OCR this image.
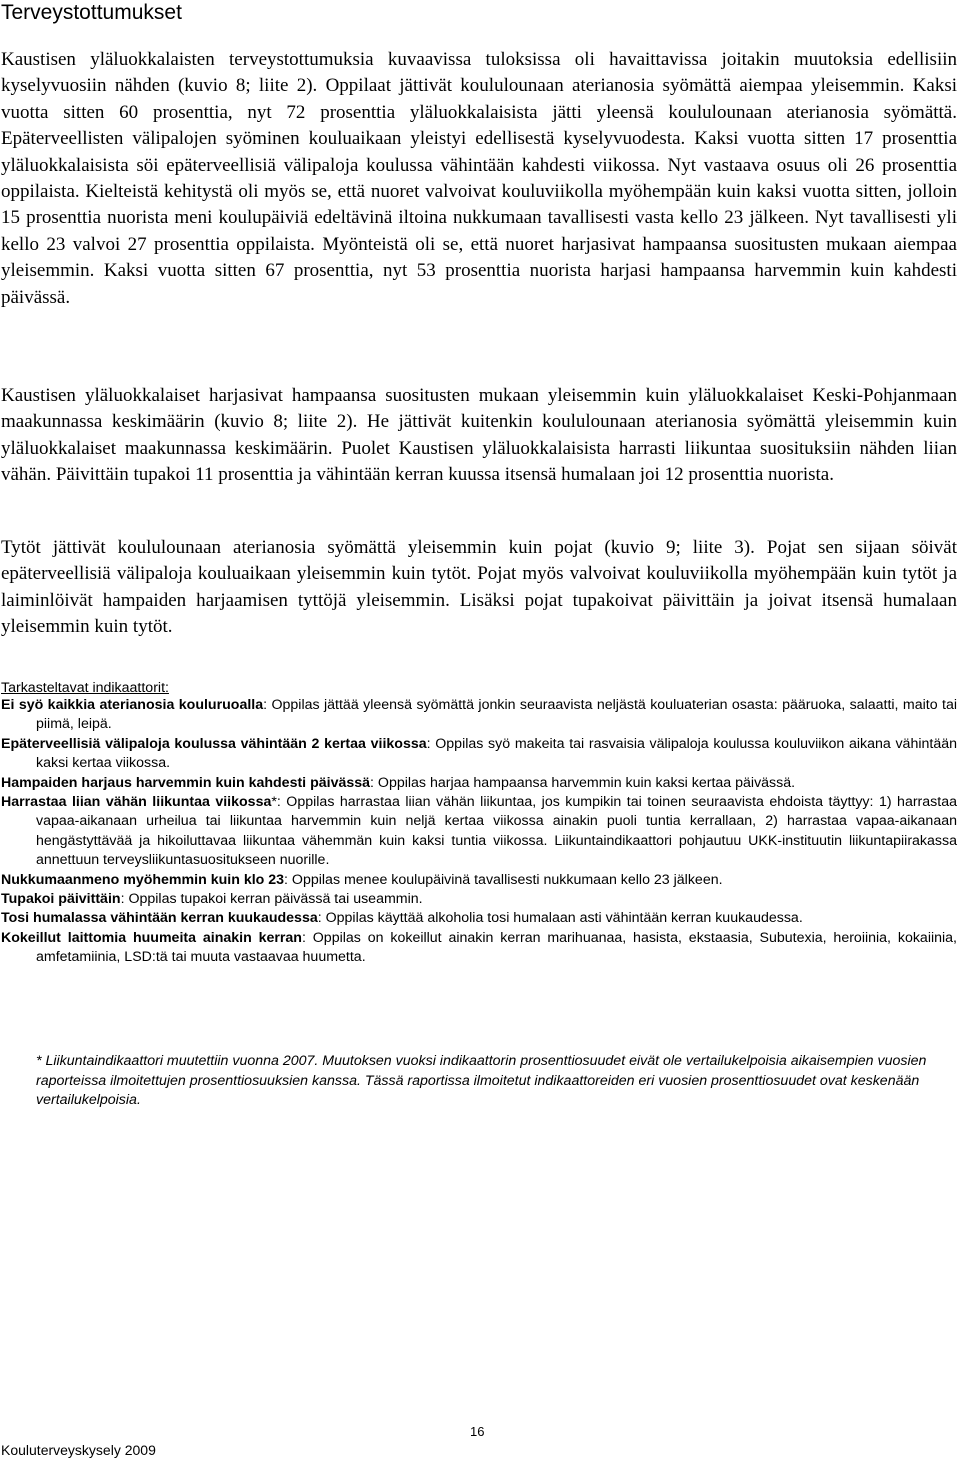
Terveystottumukset

Kaustisen yläluokkalaisten terveystottumuksia kuvaavissa tuloksissa oli havaittavissa joitakin muutoksia edellisiin kyselyvuosiin nähden (kuvio 8; liite 2). Oppilaat jättivät koululounaan aterianosia syömättä aiempaa yleisemmin. Kaksi vuotta sitten 60 prosenttia, nyt 72 prosenttia yläluokkalaisista jätti yleensä koululounaan aterianosia syömättä. Epäterveellisten välipalojen syöminen kouluaikaan yleistyi edellisestä kyselyvuodesta. Kaksi vuotta sitten 17 prosenttia yläluokkalaisista söi epäterveellisiä välipaloja koulussa vähintään kahdesti viikossa. Nyt vastaava osuus oli 26 prosenttia oppilaista. Kielteistä kehitystä oli myös se, että nuoret valvoivat kouluviikolla myöhempään kuin kaksi vuotta sitten, jolloin 15 prosenttia nuorista meni koulupäiviä edeltävinä iltoina nukkumaan tavallisesti vasta kello 23 jälkeen. Nyt tavallisesti yli kello 23 valvoi 27 prosenttia oppilaista. Myönteistä oli se, että nuoret harjasivat hampaansa suositusten mukaan aiempaa yleisemmin. Kaksi vuotta sitten 67 prosenttia, nyt 53 prosenttia nuorista harjasi hampaansa harvemmin kuin kahdesti päivässä.

Kaustisen yläluokkalaiset harjasivat hampaansa suositusten mukaan yleisemmin kuin yläluokkalaiset Keski-Pohjanmaan maakunnassa keskimäärin (kuvio 8; liite 2). He jättivät kuitenkin koululounaan aterianosia syömättä yleisemmin kuin yläluokkalaiset maakunnassa keskimäärin. Puolet Kaustisen yläluokkalaisista harrasti liikuntaa suosituksiin nähden liian vähän. Päivittäin tupakoi 11 prosenttia ja vähintään kerran kuussa itsensä humalaan joi 12 prosenttia nuorista.

Tytöt jättivät koululounaan aterianosia syömättä yleisemmin kuin pojat (kuvio 9; liite 3). Pojat sen sijaan söivät epäterveellisiä välipaloja kouluaikaan yleisemmin kuin tytöt. Pojat myös valvoivat kouluviikolla myöhempään kuin tytöt ja laiminlöivät hampaiden harjaamisen tyttöjä yleisemmin. Lisäksi pojat tupakoivat päivittäin ja joivat itsensä humalaan yleisemmin kuin tytöt.

Tarkasteltavat indikaattorit:

Ei syö kaikkia aterianosia kouluruoalla: Oppilas jättää yleensä syömättä jonkin seuraavista neljästä kouluaterian osasta: pääruoka, salaatti, maito tai piimä, leipä.

Epäterveellisiä välipaloja koulussa vähintään 2 kertaa viikossa: Oppilas syö makeita tai rasvaisia välipaloja koulussa kouluviikon aikana vähintään kaksi kertaa viikossa.

Hampaiden harjaus harvemmin kuin kahdesti päivässä: Oppilas harjaa hampaansa harvemmin kuin kaksi kertaa päivässä.

Harrastaa liian vähän liikuntaa viikossa*: Oppilas harrastaa liian vähän liikuntaa, jos kumpikin tai toinen seuraavista ehdoista täyttyy: 1) harrastaa vapaa-aikanaan urheilua tai liikuntaa harvemmin kuin neljä kertaa viikossa ainakin puoli tuntia kerrallaan, 2) harrastaa vapaa-aikanaan hengästyttävää ja hikoiluttavaa liikuntaa vähemmän kuin kaksi tuntia viikossa. Liikuntaindikaattori pohjautuu UKK-instituutin liikuntapiirakassa annettuun terveysliikuntasuositukseen nuorille.

Nukkumaanmeno myöhemmin kuin klo 23: Oppilas menee koulupäivinä tavallisesti nukkumaan kello 23 jälkeen.

Tupakoi päivittäin: Oppilas tupakoi kerran päivässä tai useammin.

Tosi humalassa vähintään kerran kuukaudessa: Oppilas käyttää alkoholia tosi humalaan asti vähintään kerran kuukaudessa.

Kokeillut laittomia huumeita ainakin kerran: Oppilas on kokeillut ainakin kerran marihuanaa, hasista, ekstaasia, Subutexia, heroiinia, kokaiinia, amfetamiinia, LSD:tä tai muuta vastaavaa huumetta.

* Liikuntaindikaattori muutettiin vuonna 2007. Muutoksen vuoksi indikaattorin prosenttiosuudet eivät ole vertailukelpoisia aikaisempien vuosien raporteissa ilmoitettujen prosenttiosuuksien kanssa. Tässä raportissa ilmoitetut indikaattoreiden eri vuosien prosenttiosuudet ovat keskenään vertailukelpoisia.

16
Kouluterveyskysely 2009
